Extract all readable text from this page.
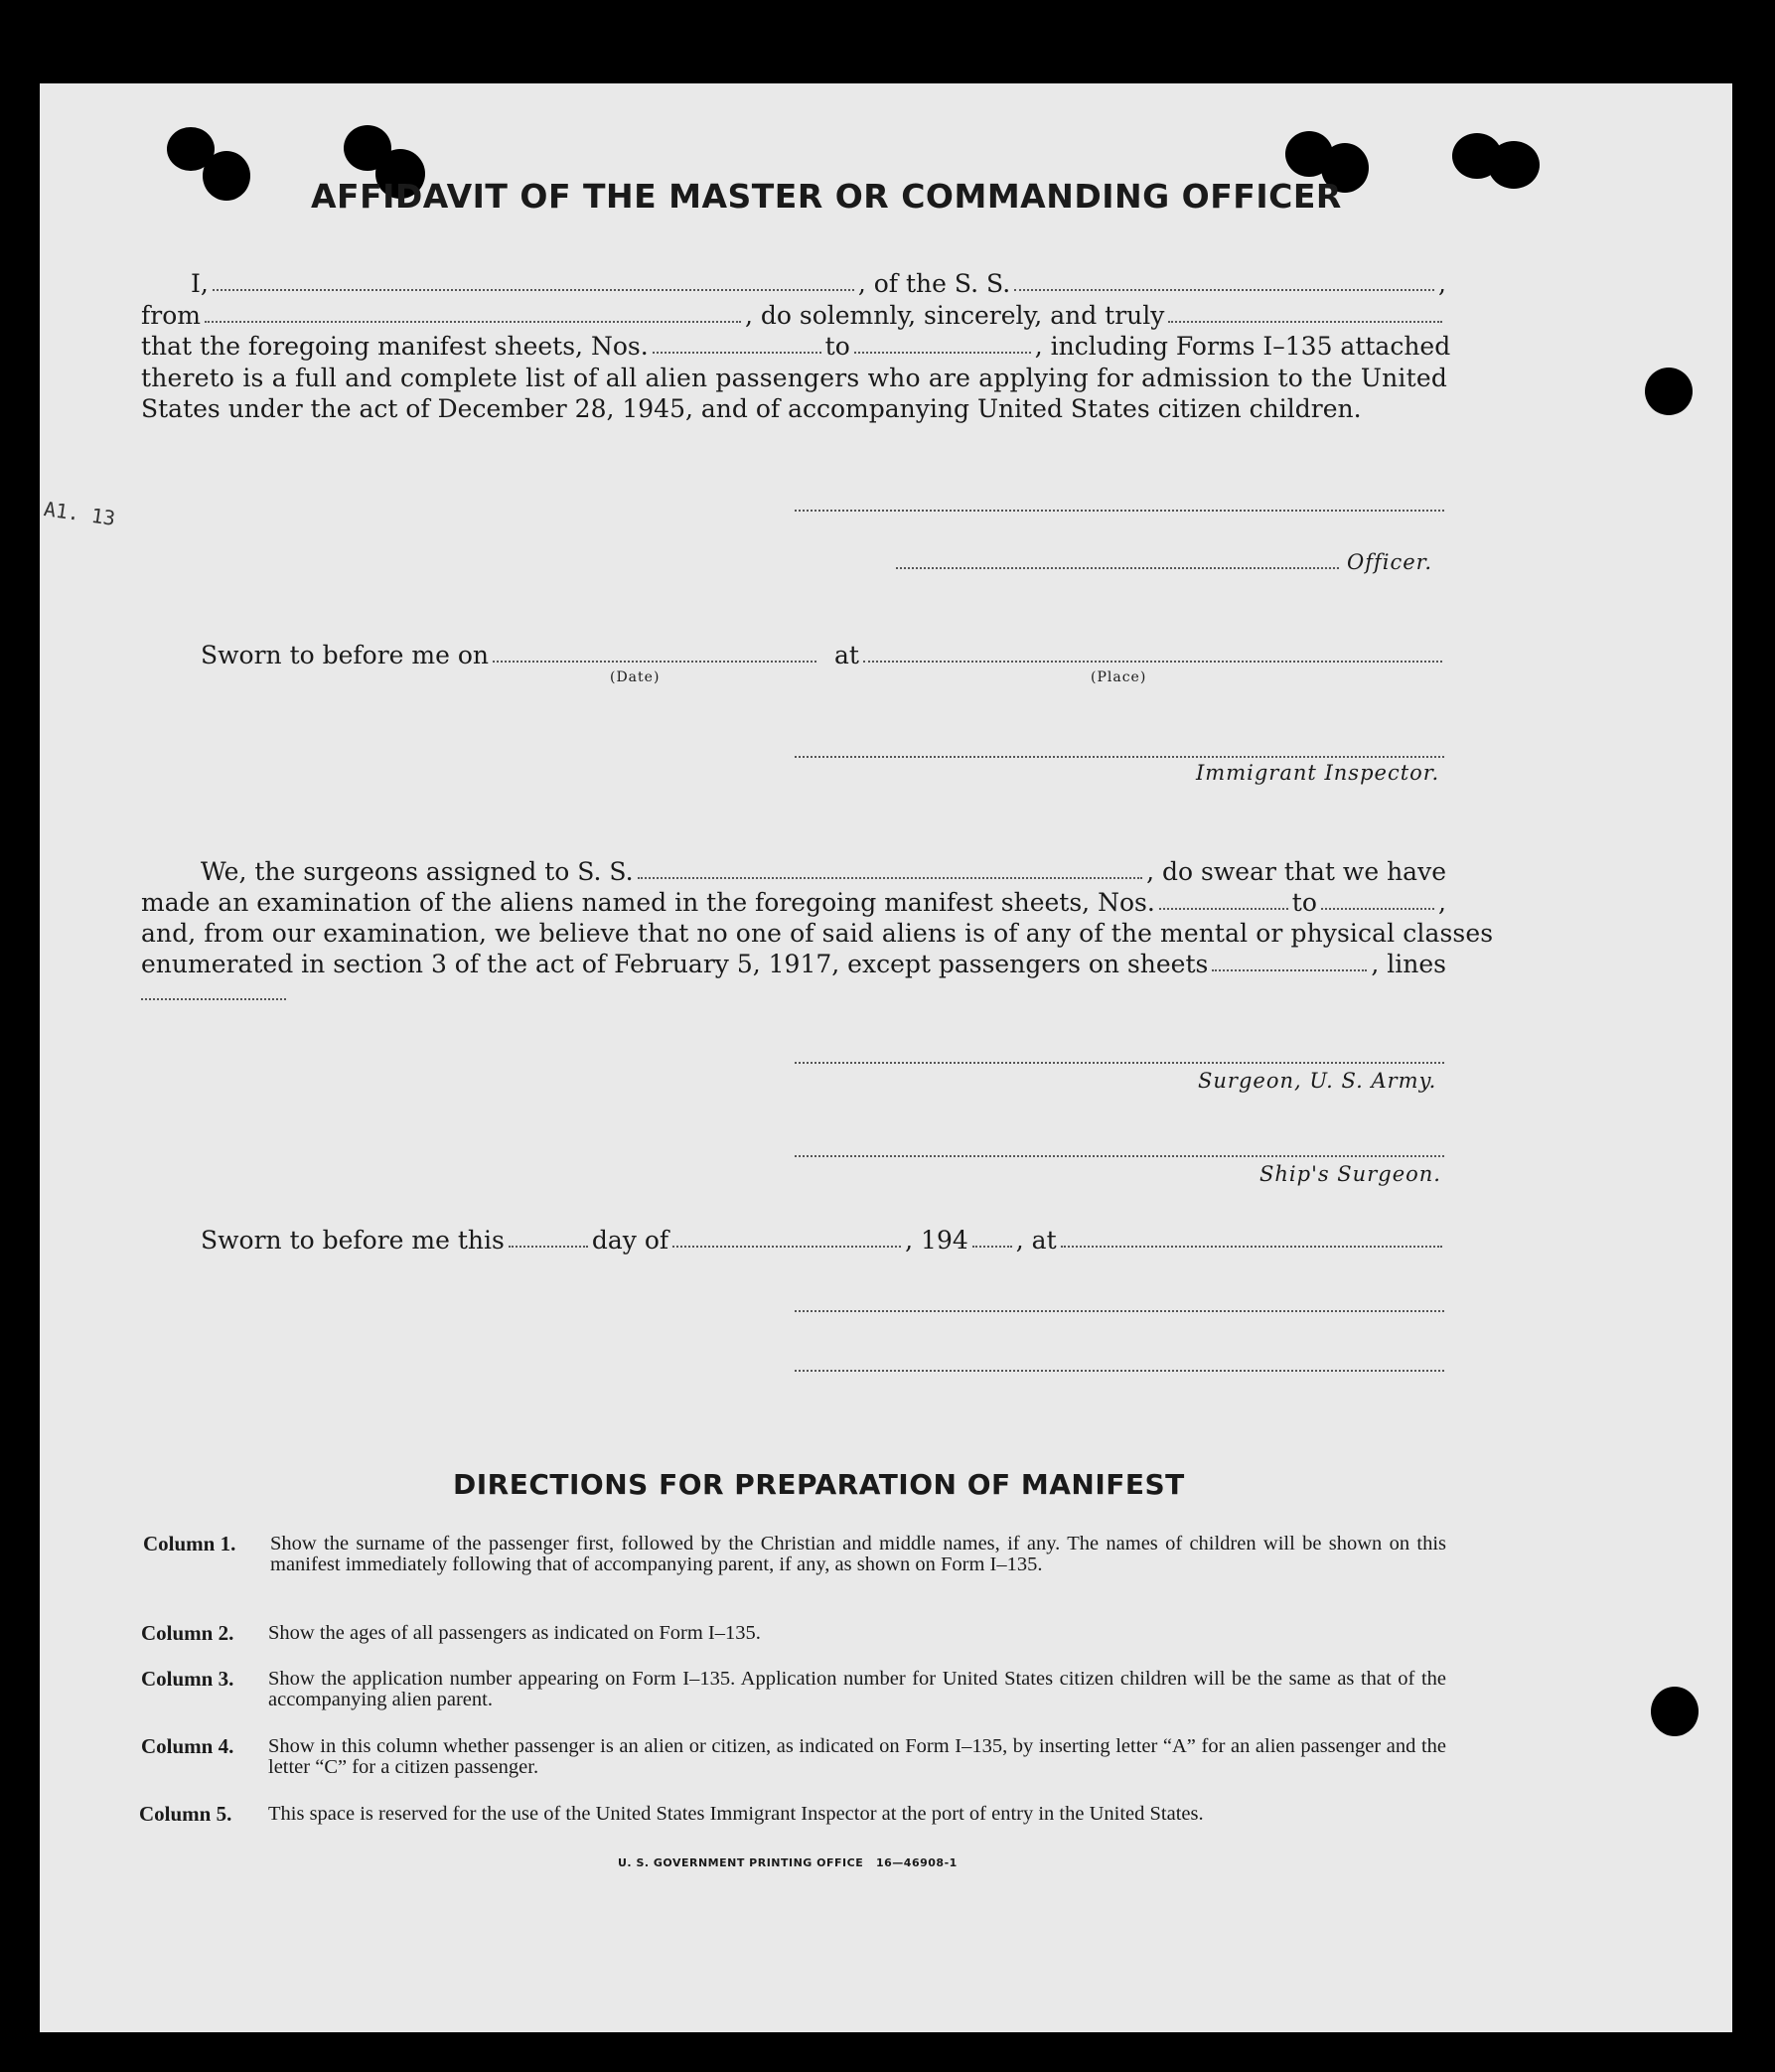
AFFIDAVIT OF THE MASTER OR COMMANDING OFFICER
I,	, of the S. S.	,
from	, do solemnly, sincerely, and truly
that the foregoing manifest sheets, Nos.	to	, including Forms I–135 attached
thereto is a full and complete list of all alien passengers who are applying for admission to the United
States under the act of December 28, 1945, and of accompanying United States citizen children.
Officer.
A1. 13
Sworn to before me on	at
(Date)	(Place)
Immigrant Inspector.
We, the surgeons assigned to S. S.	, do swear that we have
made an examination of the aliens named in the foregoing manifest sheets, Nos.	to	,
and, from our examination, we believe that no one of said aliens is of any of the mental or physical classes
enumerated in section 3 of the act of February 5, 1917, except passengers on sheets	, lines
Surgeon, U. S. Army.
Ship's Surgeon.
Sworn to before me this	day of	, 194 , at
DIRECTIONS FOR PREPARATION OF MANIFEST
Column 1.	Show the surname of the passenger first, followed by the Christian and middle names, if any. The names of children will be shown on this manifest immediately following that of accompanying parent, if any, as shown on Form I–135.
Column 2. Show the ages of all passengers as indicated on Form I–135.
Column 3. Show the application number appearing on Form I–135. Application number for United States citizen children will be the same as that of the accompanying alien parent.
Column 4. Show in this column whether passenger is an alien or citizen, as indicated on Form I–135, by inserting letter “A” for an alien passenger and the letter “C” for a citizen passenger.
Column 5. This space is reserved for the use of the United States Immigrant Inspector at the port of entry in the United States.
U. S. GOVERNMENT PRINTING OFFICE 16—46908-1
